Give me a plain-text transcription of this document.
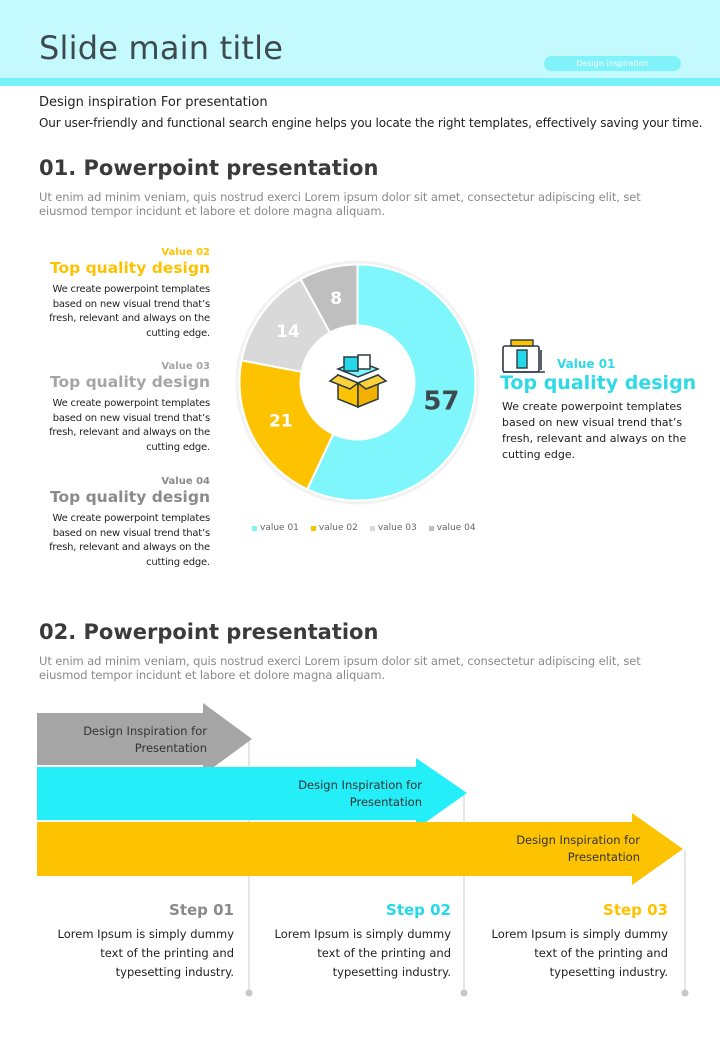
Slide main title	Design inspiration
Design inspiration For presentation
Our user-friendly and functional search engine helps you locate the right templates, effectively saving your time.
01. Powerpoint presentation
Ut enim ad minim veniam, quis nostrud exerci Lorem ipsum dolor sit amet, consectetur adipiscing elit, set eiusmod tempor incidunt et labore et dolore magna aliquam.
Value 02
Top quality design
We create powerpoint templates based on new visual trend that’s fresh, relevant and always on the cutting edge.
Value 03
Top quality design
We create powerpoint templates based on new visual trend that’s fresh, relevant and always on the cutting edge.
Value 04
Top quality design
We create powerpoint templates based on new visual trend that’s fresh, relevant and always on the cutting edge.
57
21
14
8
value 01 value 02 value 03 value 04
Value 01
Top quality design
We create powerpoint templates based on new visual trend that’s fresh, relevant and always on the cutting edge.
02. Powerpoint presentation
Ut enim ad minim veniam, quis nostrud exerci Lorem ipsum dolor sit amet, consectetur adipiscing elit, set eiusmod tempor incidunt et labore et dolore magna aliquam.
Design Inspiration for Presentation
Design Inspiration for Presentation
Design Inspiration for Presentation
Step 01
Lorem Ipsum is simply dummy text of the printing and typesetting industry.
Step 02
Lorem Ipsum is simply dummy text of the printing and typesetting industry.
Step 03
Lorem Ipsum is simply dummy text of the printing and typesetting industry.
